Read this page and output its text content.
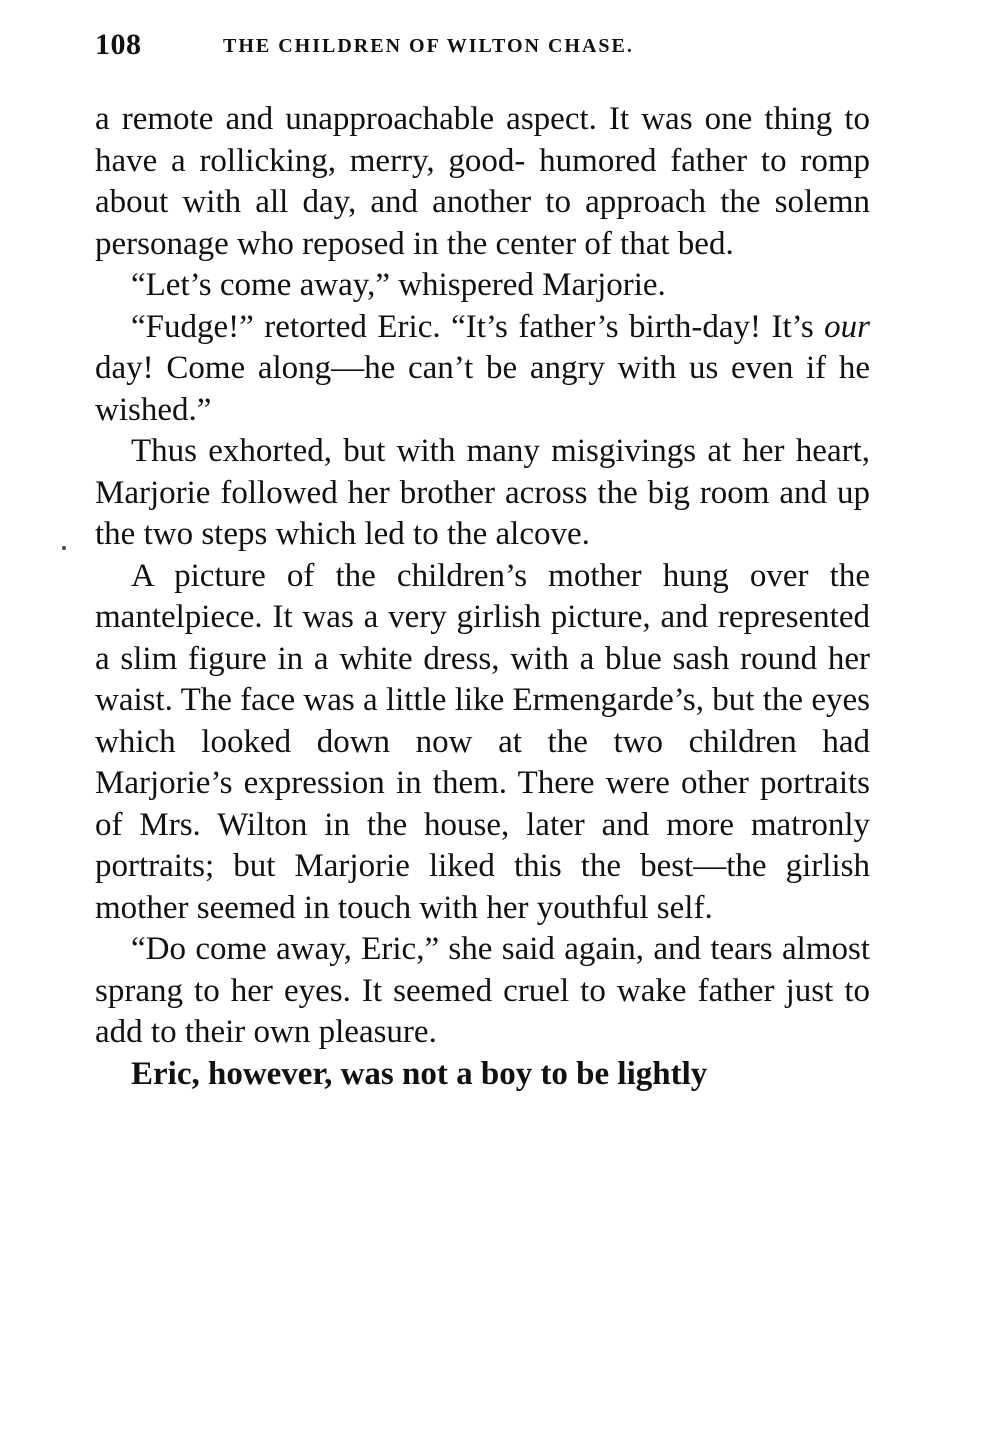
108	THE CHILDREN OF WILTON CHASE.

a remote and unapproachable aspect. It was one thing to have a rollicking, merry, good- humored father to romp about with all day, and another to approach the solemn personage who reposed in the center of that bed.

“Let’s come away,” whispered Marjorie.

“Fudge!” retorted Eric. “It’s father’s birth-day! It’s our day! Come along—he can’t be angry with us even if he wished.”

Thus exhorted, but with many misgivings at her heart, Marjorie followed her brother across the big room and up the two steps which led to the alcove.

A picture of the children’s mother hung over the mantelpiece. It was a very girlish picture, and represented a slim figure in a white dress, with a blue sash round her waist. The face was a little like Ermengarde’s, but the eyes which looked down now at the two children had Marjorie’s expression in them. There were other portraits of Mrs. Wilton in the house, later and more matronly portraits; but Marjorie liked this the best—the girlish mother seemed in touch with her youthful self.

“Do come away, Eric,” she said again, and tears almost sprang to her eyes. It seemed cruel to wake father just to add to their own pleasure.

Eric, however, was not a boy to be lightly
